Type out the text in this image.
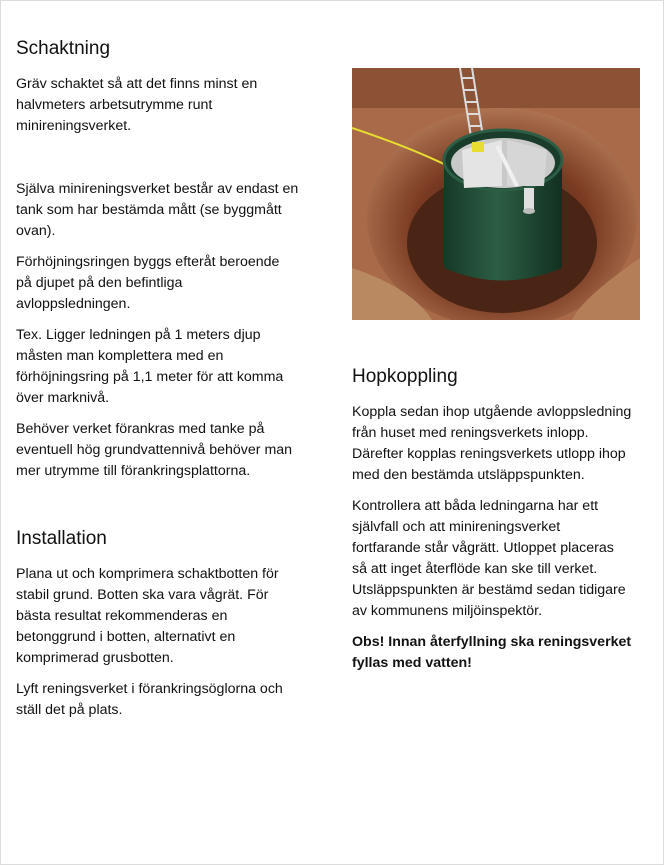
Schaktning

Gräv schaktet så att det finns minst en
halvmeters arbetsutrymme runt
minireningsverket.

Själva minireningsverket består av endast en
tank som har bestämda mått (se byggmått
ovan).

Förhöjningsringen byggs efteråt beroende
på djupet på den befintliga
avloppsledningen.

Tex. Ligger ledningen på 1 meters djup
måsten man komplettera med en
förhöjningsring på 1,1 meter för att komma
över marknivå.

Behöver verket förankras med tanke på
eventuell hög grundvattennivå behöver man
mer utrymme till förankringsplattorna.

Installation

Plana ut och komprimera schaktbotten för
stabil grund. Botten ska vara vågrät. För
bästa resultat rekommenderas en
betonggrund i botten, alternativt en
komprimerad grusbotten.

Lyft reningsverket i förankringsöglorna och
ställ det på plats.

Hopkoppling

Koppla sedan ihop utgående avloppsledning
från huset med reningsverkets inlopp.
Därefter kopplas reningsverkets utlopp ihop
med den bestämda utsläppspunkten.

Kontrollera att båda ledningarna har ett
självfall och att minireningsverket
fortfarande står vågrätt. Utloppet placeras
så att inget återflöde kan ske till verket.
Utsläppspunkten är bestämd sedan tidigare
av kommunens miljöinspektör.

Obs! Innan återfyllning ska reningsverket
fyllas med vatten!
